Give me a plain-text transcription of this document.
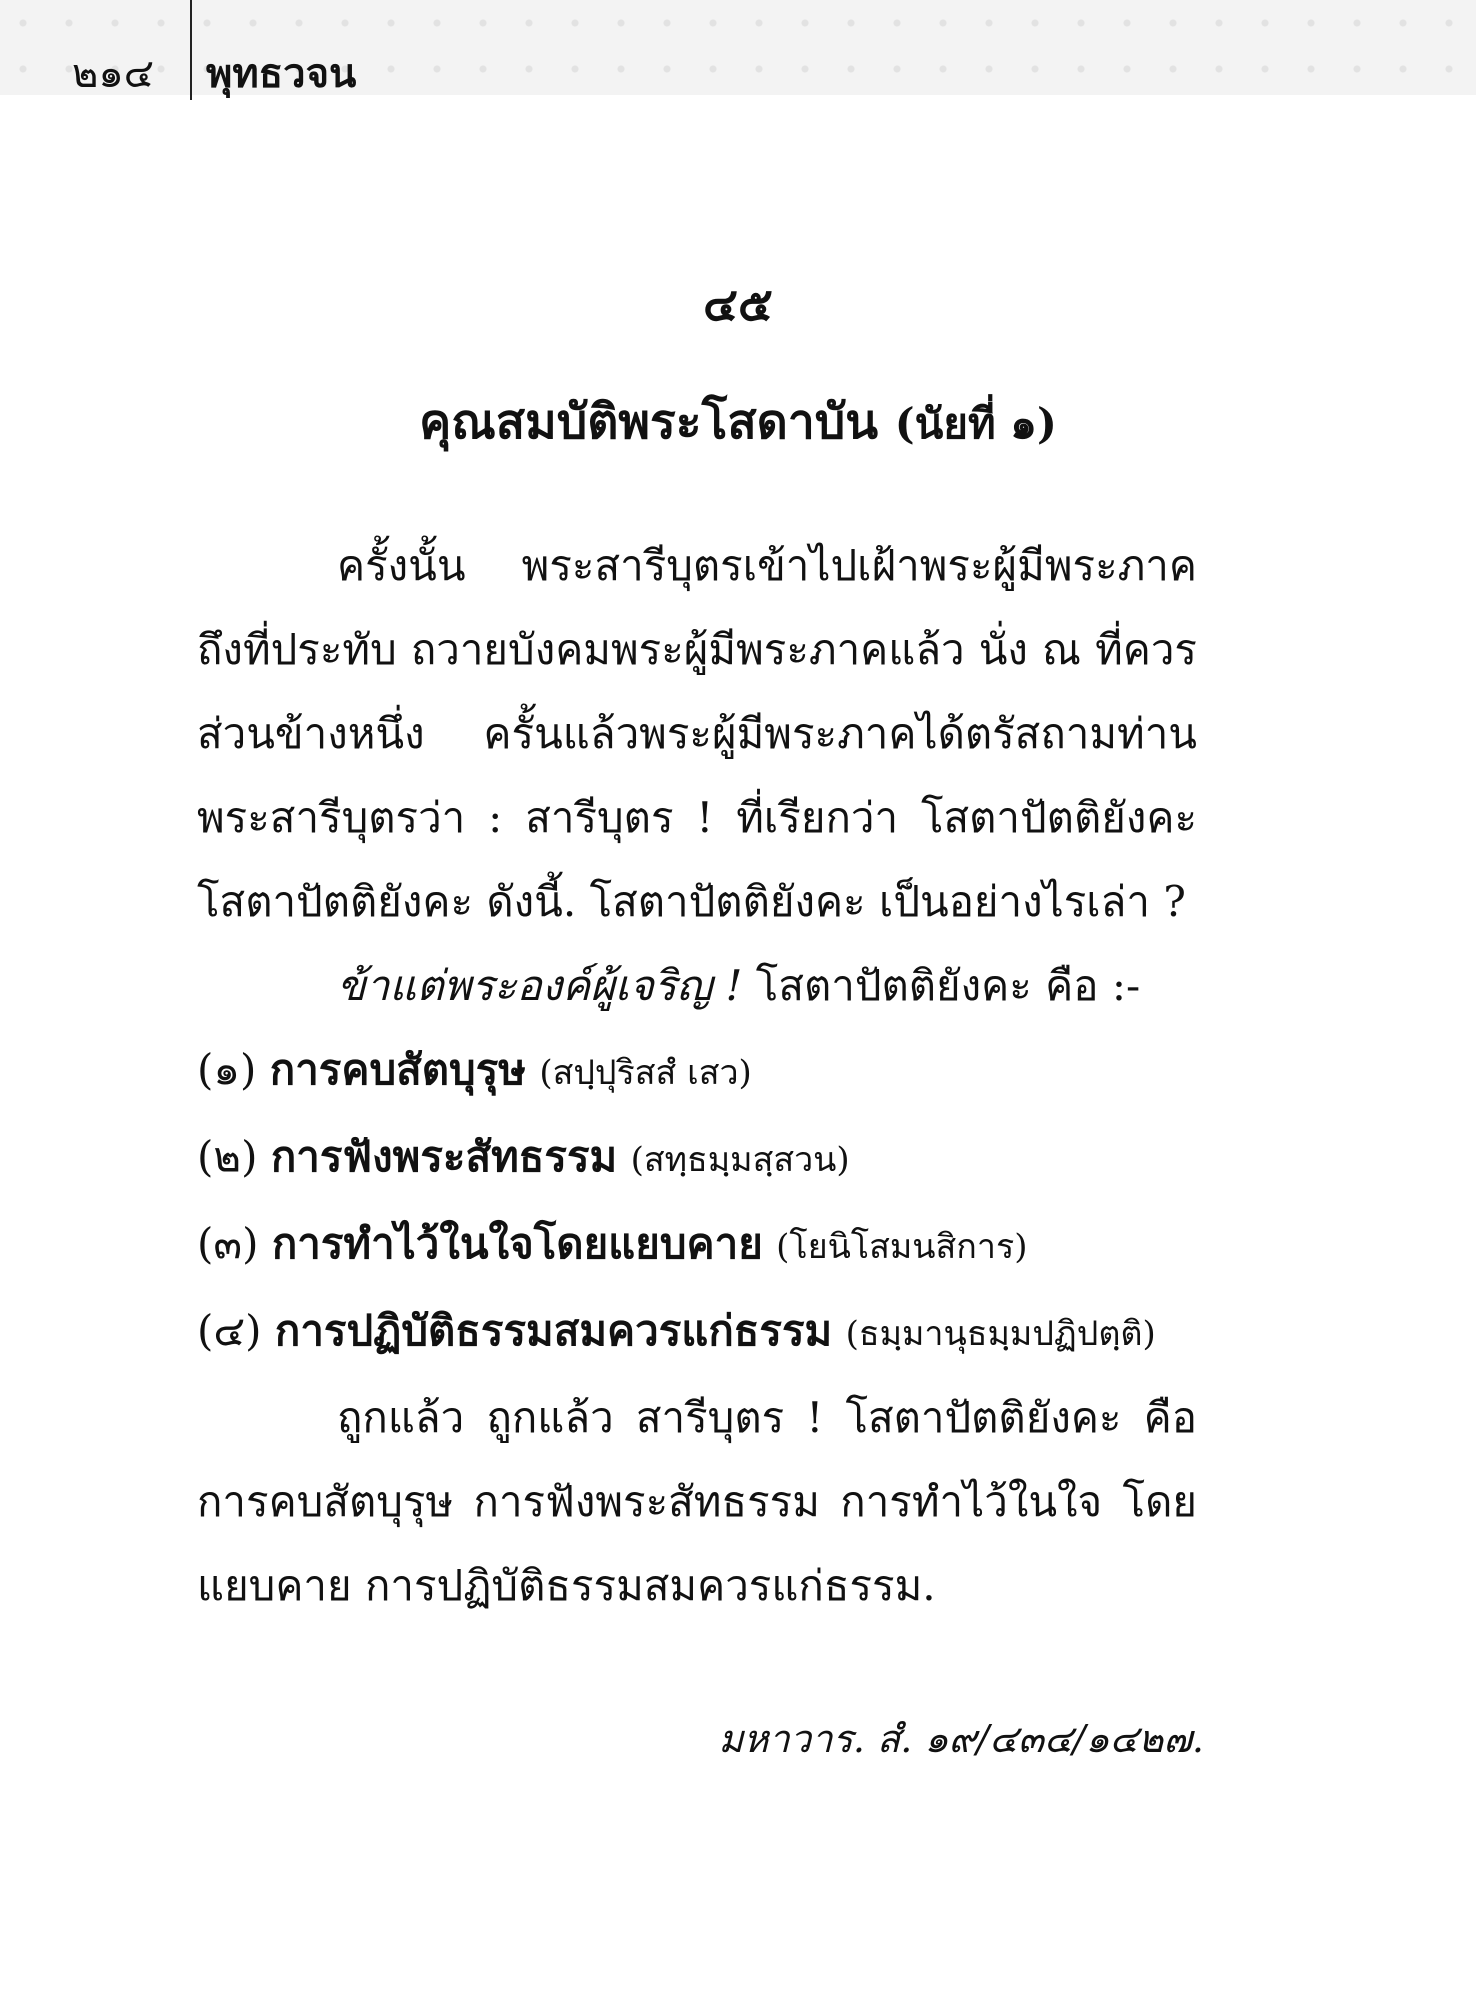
๒๑๔ พุทธวจน
๔๕
คุณสมบัติพระโสดาบัน (นัยที่ ๑)

ครั้งนั้น พระสารีบุตรเข้าไปเฝ้าพระผู้มีพระภาค ถึงที่ประทับ ถวายบังคมพระผู้มีพระภาคแล้ว นั่ง ณ ที่ควร ส่วนข้างหนึ่ง ครั้นแล้วพระผู้มีพระภาคได้ตรัสถามท่าน พระสารีบุตรว่า : สารีบุตร ! ที่เรียกว่า โสตาปัตติยังคะ โสตาปัตติยังคะ ดังนี้. โสตาปัตติยังคะ เป็นอย่างไรเล่า ?

ข้าแต่พระองค์ผู้เจริญ ! โสตาปัตติยังคะ คือ :-
(๑) การคบสัตบุรุษ (สปฺปุริสสํ เสว)
(๒) การฟังพระสัทธรรม (สทฺธมฺมสฺสวน)
(๓) การทำไว้ในใจโดยแยบคาย (โยนิโสมนสิการ)
(๔) การปฏิบัติธรรมสมควรแก่ธรรม (ธมฺมานุธมฺมปฏิปตฺติ)

ถูกแล้ว ถูกแล้ว สารีบุตร ! โสตาปัตติยังคะ คือ การคบสัตบุรุษ การฟังพระสัทธรรม การทำไว้ในใจ โดยแยบคาย การปฏิบัติธรรมสมควรแก่ธรรม.

มหาวาร. สํ. ๑๙/๔๓๔/๑๔๒๗.
